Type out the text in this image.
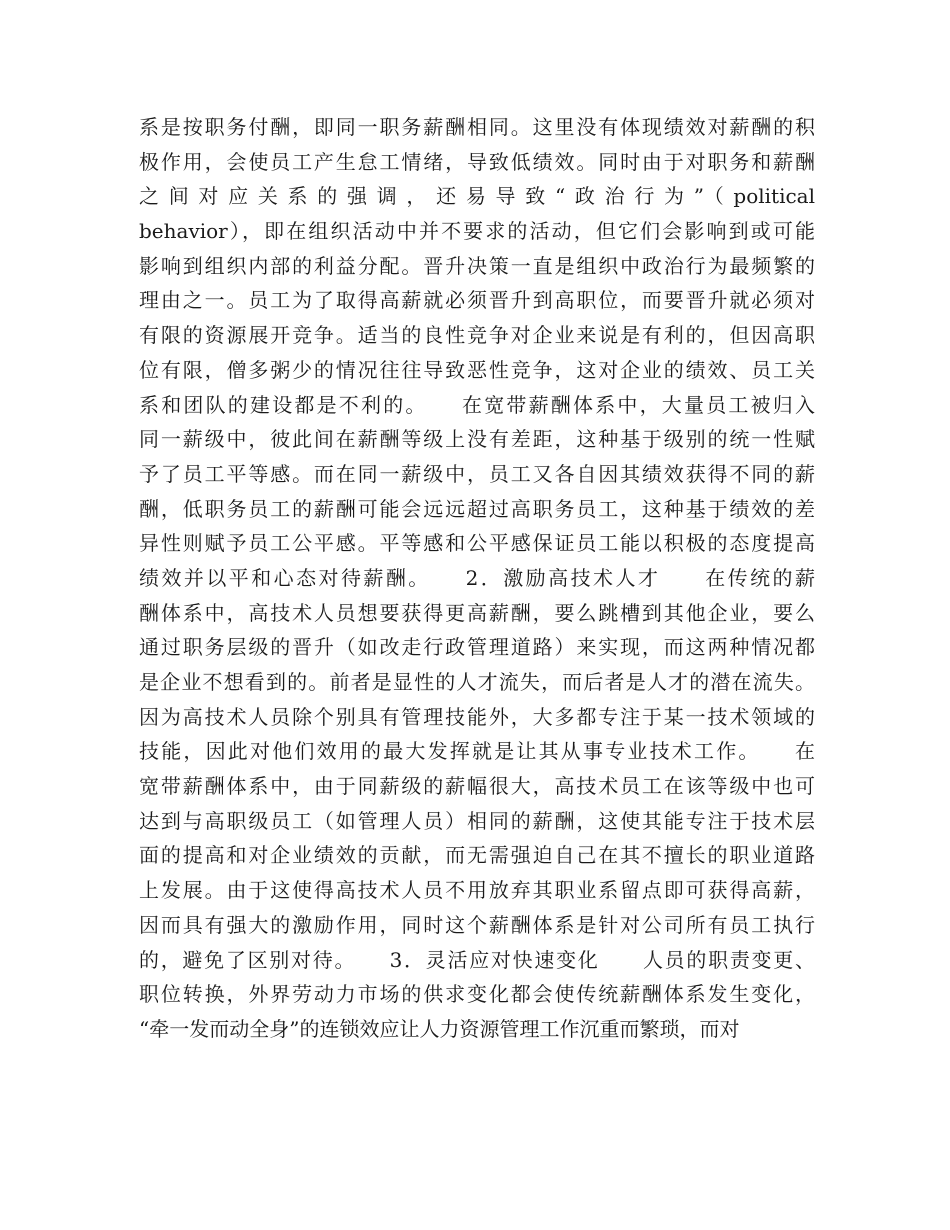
系是按职务付酬，即同一职务薪酬相同。这里没有体现绩效对薪酬的积
极作用，会使员工产生怠工情绪，导致低绩效。同时由于对职务和薪酬
之间对应关系的强调，还易导致“政治行为”（political
behavior），即在组织活动中并不要求的活动，但它们会影响到或可能
影响到组织内部的利益分配。晋升决策一直是组织中政治行为最频繁的
理由之一。员工为了取得高薪就必须晋升到高职位，而要晋升就必须对
有限的资源展开竞争。适当的良性竞争对企业来说是有利的，但因高职
位有限，僧多粥少的情况往往导致恶性竞争，这对企业的绩效、员工关
系和团队的建设都是不利的。　　在宽带薪酬体系中，大量员工被归入
同一薪级中，彼此间在薪酬等级上没有差距，这种基于级别的统一性赋
予了员工平等感。而在同一薪级中，员工又各自因其绩效获得不同的薪
酬，低职务员工的薪酬可能会远远超过高职务员工，这种基于绩效的差
异性则赋予员工公平感。平等感和公平感保证员工能以积极的态度提高
绩效并以平和心态对待薪酬。　　2．激励高技术人才　　在传统的薪
酬体系中，高技术人员想要获得更高薪酬，要么跳槽到其他企业，要么
通过职务层级的晋升（如改走行政管理道路）来实现，而这两种情况都
是企业不想看到的。前者是显性的人才流失，而后者是人才的潜在流失。
因为高技术人员除个别具有管理技能外，大多都专注于某一技术领域的
技能，因此对他们效用的最大发挥就是让其从事专业技术工作。　　在
宽带薪酬体系中，由于同薪级的薪幅很大，高技术员工在该等级中也可
达到与高职级员工（如管理人员）相同的薪酬，这使其能专注于技术层
面的提高和对企业绩效的贡献，而无需强迫自己在其不擅长的职业道路
上发展。由于这使得高技术人员不用放弃其职业系留点即可获得高薪，
因而具有强大的激励作用，同时这个薪酬体系是针对公司所有员工执行
的，避免了区别对待。　　3．灵活应对快速变化　　人员的职责变更、
职位转换，外界劳动力市场的供求变化都会使传统薪酬体系发生变化，
“牵一发而动全身”的连锁效应让人力资源管理工作沉重而繁琐，而对
